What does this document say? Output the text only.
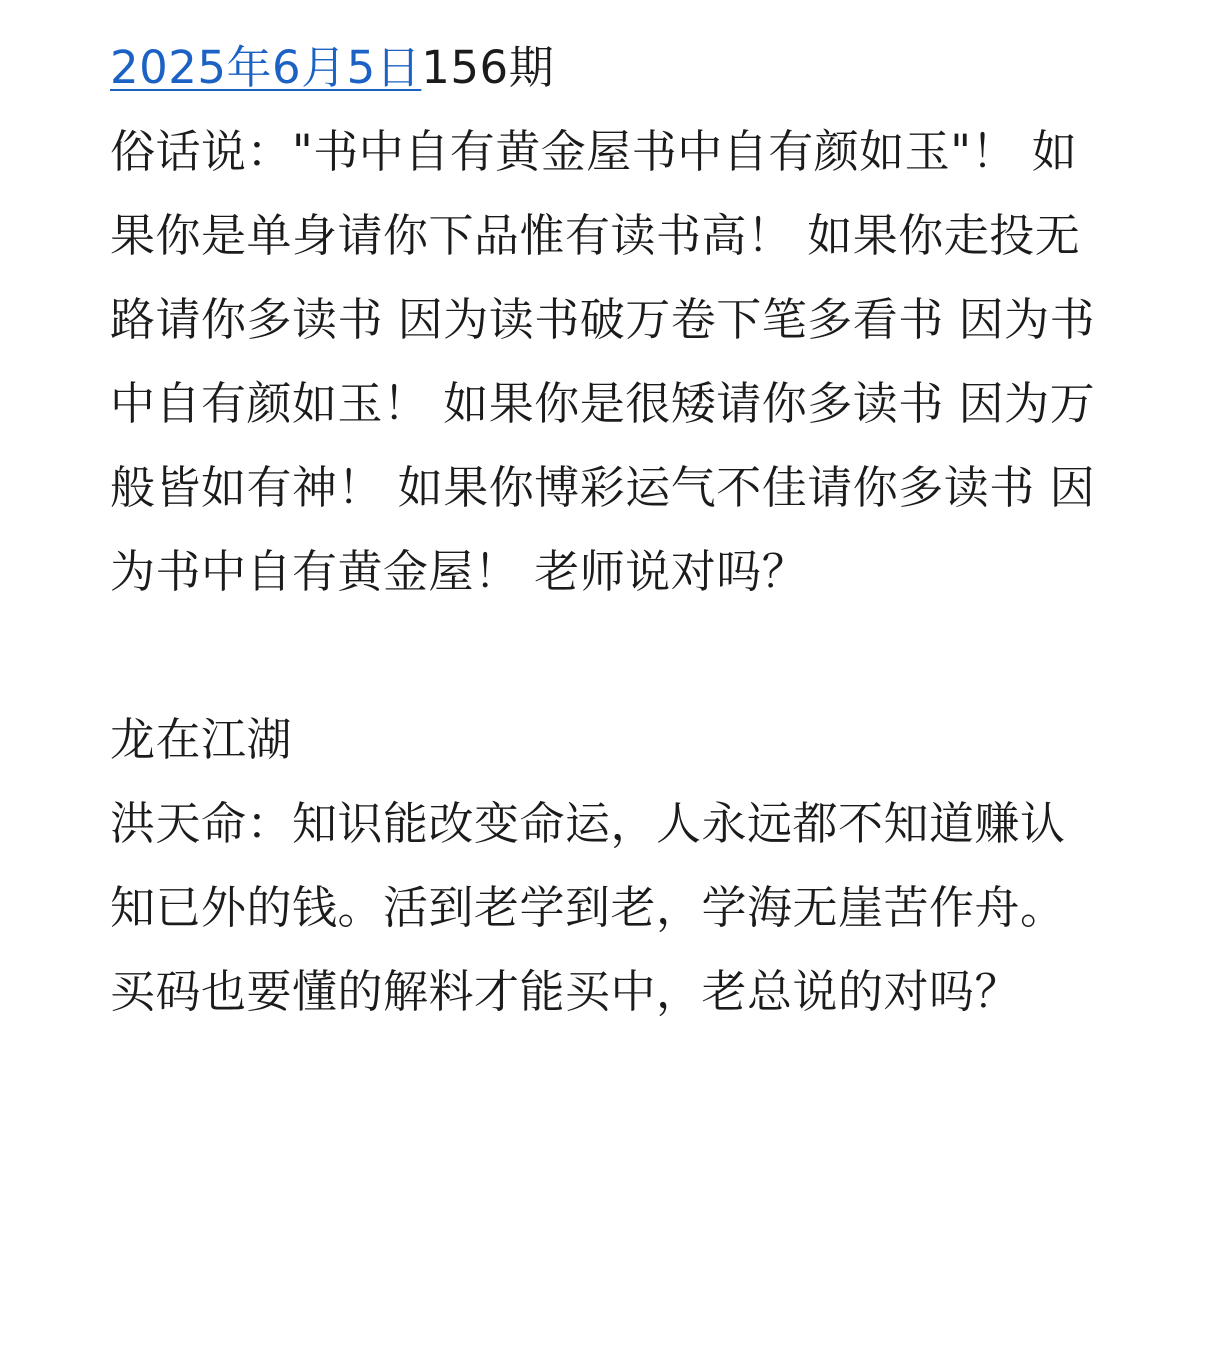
2025年6月5日156期

俗话说："书中自有黄金屋书中自有颜如玉"！ 如果你是单身请你下品惟有读书高！ 如果你走投无路请你多读书 因为读书破万卷下笔多看书 因为书中自有颜如玉！ 如果你是很矮请你多读书 因为万般皆如有神！ 如果你博彩运气不佳请你多读书 因为书中自有黄金屋！ 老师说对吗？

龙在江湖

洪天命：知识能改变命运，人永远都不知道赚认知已外的钱。活到老学到老，学海无崖苦作舟。买码也要懂的解料才能买中，老总说的对吗？
